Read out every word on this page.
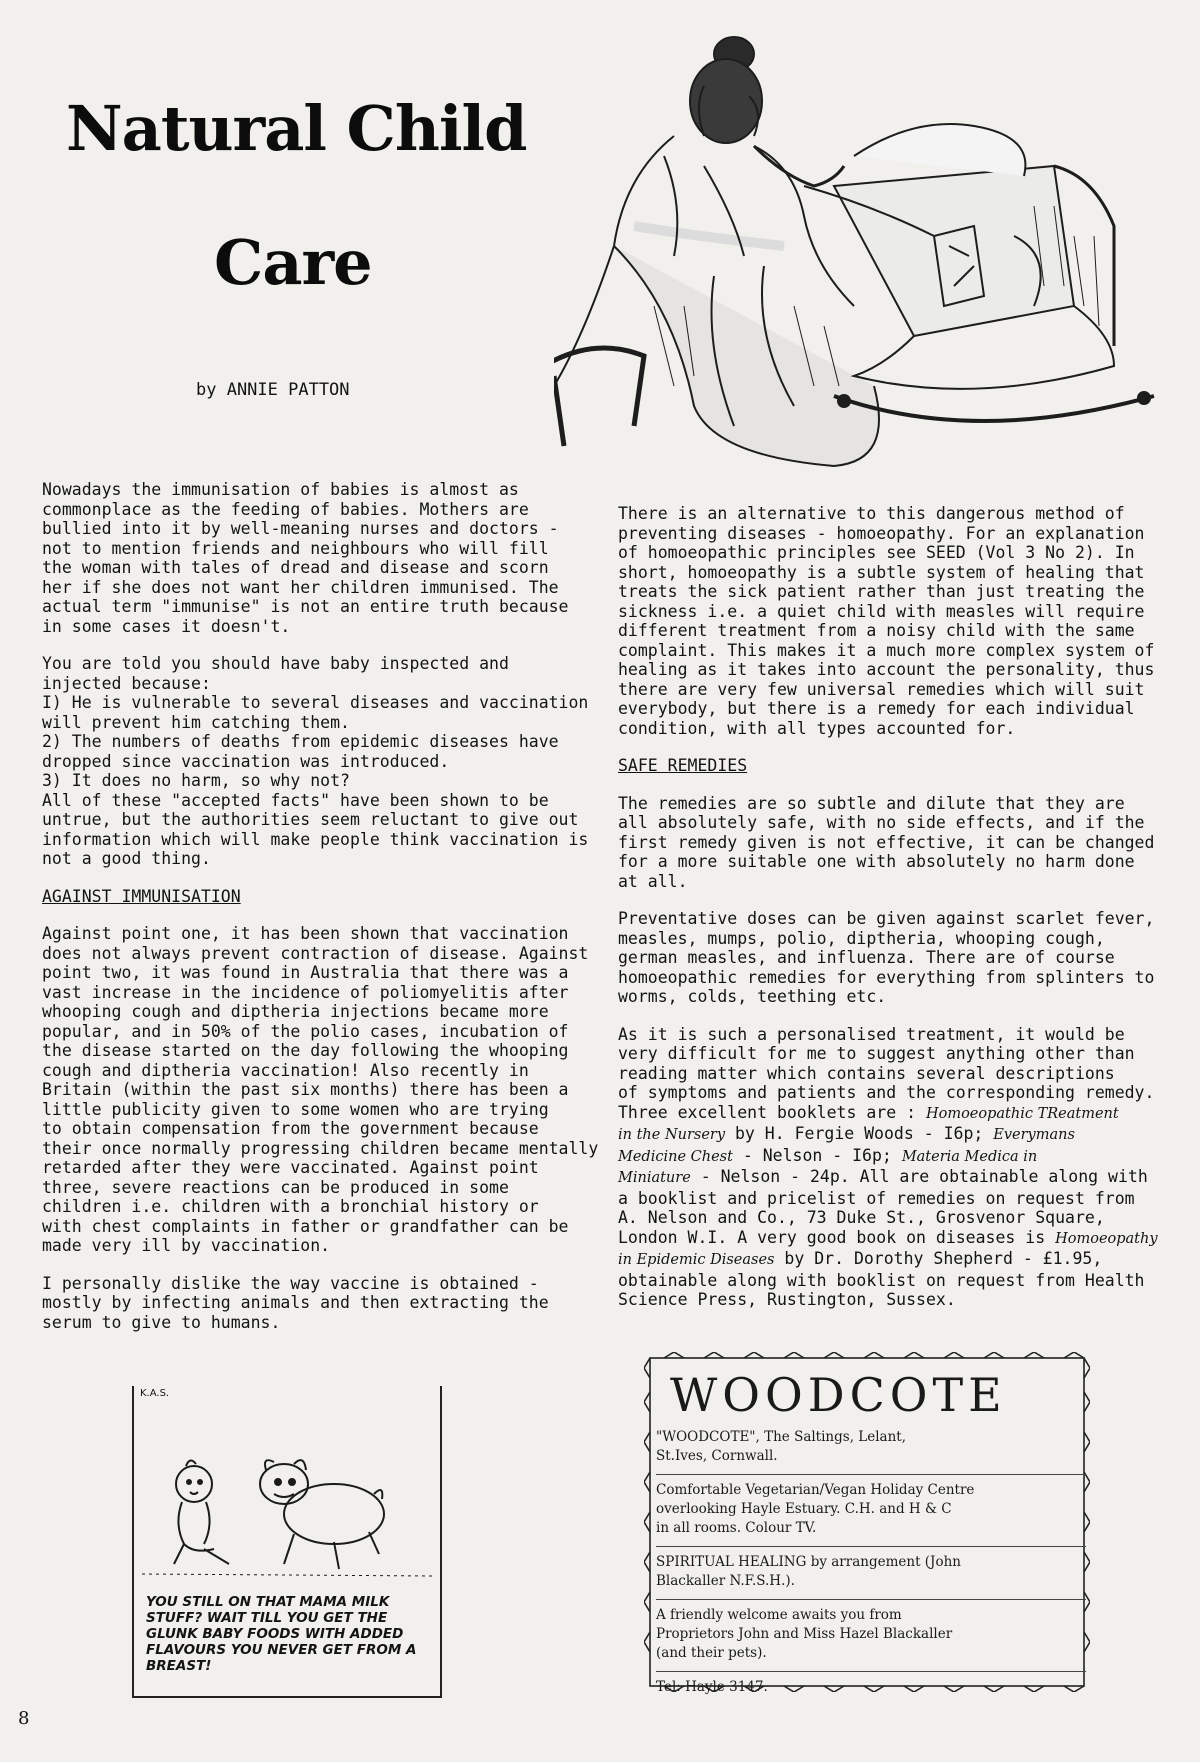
Natural Child
Care
by ANNIE PATTON

Nowadays the immunisation of babies is almost as
commonplace as the feeding of babies. Mothers are
bullied into it by well-meaning nurses and doctors -
not to mention friends and neighbours who will fill
the woman with tales of dread and disease and scorn
her if she does not want her children immunised. The
actual term "immunise" is not an entire truth because
in some cases it doesn't.

You are told you should have baby inspected and
injected because:
I) He is vulnerable to several diseases and vaccination
will prevent him catching them.
2) The numbers of deaths from epidemic diseases have
dropped since vaccination was introduced.
3) It does no harm, so why not?
All of these "accepted facts" have been shown to be
untrue, but the authorities seem reluctant to give out
information which will make people think vaccination is
not a good thing.

AGAINST IMMUNISATION

Against point one, it has been shown that vaccination
does not always prevent contraction of disease. Against
point two, it was found in Australia that there was a
vast increase in the incidence of poliomyelitis after
whooping cough and diptheria injections became more
popular, and in 50% of the polio cases, incubation of
the disease started on the day following the whooping
cough and diptheria vaccination! Also recently in
Britain (within the past six months) there has been a
little publicity given to some women who are trying
to obtain compensation from the government because
their once normally progressing children became mentally
retarded after they were vaccinated. Against point
three, severe reactions can be produced in some
children i.e. children with a bronchial history or
with chest complaints in father or grandfather can be
made very ill by vaccination.

I personally dislike the way vaccine is obtained -
mostly by infecting animals and then extracting the
serum to give to humans.

There is an alternative to this dangerous method of
preventing diseases - homoeopathy. For an explanation
of homoeopathic principles see SEED (Vol 3 No 2). In
short, homoeopathy is a subtle system of healing that
treats the sick patient rather than just treating the
sickness i.e. a quiet child with measles will require
different treatment from a noisy child with the same
complaint. This makes it a much more complex system of
healing as it takes into account the personality, thus
there are very few universal remedies which will suit
everybody, but there is a remedy for each individual
condition, with all types accounted for.

SAFE REMEDIES

The remedies are so subtle and dilute that they are
all absolutely safe, with no side effects, and if the
first remedy given is not effective, it can be changed
for a more suitable one with absolutely no harm done
at all.

Preventative doses can be given against scarlet fever,
measles, mumps, polio, diptheria, whooping cough,
german measles, and influenza. There are of course
homoeopathic remedies for everything from splinters to
worms, colds, teething etc.

As it is such a personalised treatment, it would be
very difficult for me to suggest anything other than
reading matter which contains several descriptions
of symptoms and patients and the corresponding remedy.
Three excellent booklets are : Homoeopathic TReatment
in the Nursery by H. Fergie Woods - I6p; Everymans
Medicine Chest - Nelson - I6p; Materia Medica in
Miniature - Nelson - 24p. All are obtainable along with
a booklist and pricelist of remedies on request from
A. Nelson and Co., 73 Duke St., Grosvenor Square,
London W.I. A very good book on diseases is Homoeopathy
in Epidemic Diseases by Dr. Dorothy Shepherd - £1.95,
obtainable along with booklist on request from Health
Science Press, Rustington, Sussex.

K.A.S.
YOU STILL ON THAT MAMA MILK STUFF? WAIT TILL YOU GET THE GLUNK BABY FOODS WITH ADDED FLAVOURS YOU NEVER GET FROM A BREAST!
WOODCOTE
"WOODCOTE", The Saltings, Lelant,
St.Ives, Cornwall.
Comfortable Vegetarian/Vegan Holiday Centre
overlooking Hayle Estuary. C.H. and H & C
in all rooms. Colour TV.
SPIRITUAL HEALING by arrangement (John
Blackaller N.F.S.H.).
A friendly welcome awaits you from
Proprietors John and Miss Hazel Blackaller
(and their pets).
Tel: Hayle 3147.
8
